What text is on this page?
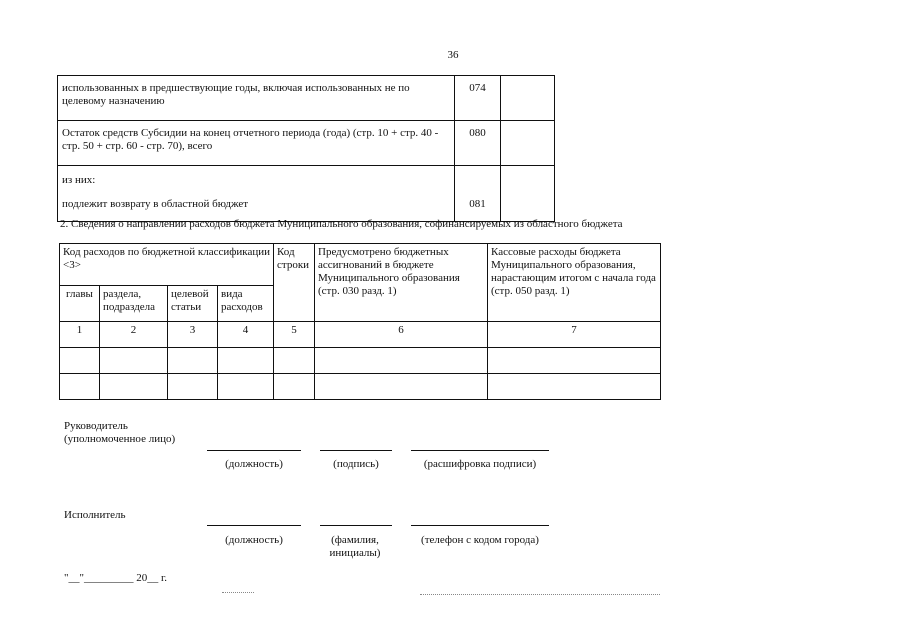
36
использованных в предшествующие годы, включая использованных не по целевому назначению	074	
Остаток средств Субсидии на конец отчетного периода (года) (стр. 10 + стр. 40 - стр. 50 + стр. 60 - стр. 70), всего	080	

из них:
подлежит возврату в областной бюджет	081	

2. Сведения о направлении расходов бюджета Муниципального образования, софинансируемых из областного бюджета
Код расходов по бюджетной классификации <3>				Код строки	Предусмотрено бюджетных ассигнований в бюджете Муниципального образования (стр. 030 разд. 1)	Кассовые расходы бюджета Муниципального образования, нарастающим итогом с начала года (стр. 050 разд. 1)
главы	раздела, подраздела	целевой статьи	вида расходов			
1	2	3	4	5	6	7

Руководитель (уполномоченное лицо)
(должность)	(подпись)	(расшифровка подписи)
Исполнитель
(должность)	(фамилия, инициалы)
(телефон с кодом города)
"__"_________ 20__ г.
